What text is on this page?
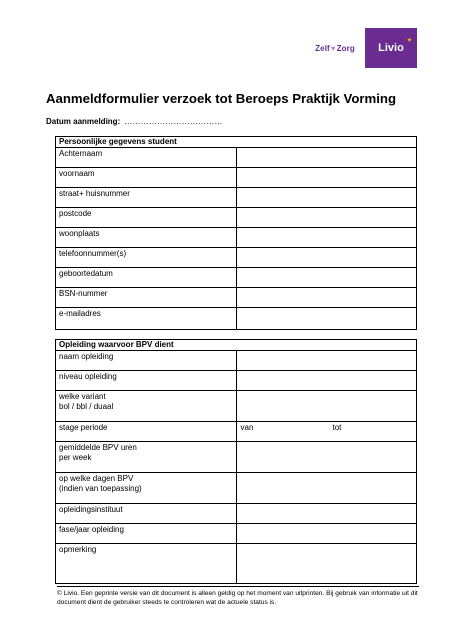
Zelf ♥ Zorg Livio
✦
Aanmeldformulier verzoek tot Beroeps Praktijk Vorming
Datum aanmelding: ………………………………
Persoonlijke gegevens student	
Achternaam	
voornaam	
straat+ huisnummer	
postcode	
woonplaats	
telefoonnummer(s)	
geboortedatum	
BSN-nummer	
e-mailadres	
Opleiding waarvoor BPV dient	

naam opleiding	

niveau opleiding	

welke variant
bol / bbl / duaal	

stage periode	van tot

gemiddelde BPV uren
per week	

op welke dagen BPV
(indien van toepassing)	

opleidingsinstituut	

fase/jaar opleiding	

opmerking	

© Livio. Een geprinte versie van dit document is alleen geldig op het moment van uitprinten. Bij gebruik van informatie uit dit document dient de gebruiker steeds te controleren wat de actuele status is.
